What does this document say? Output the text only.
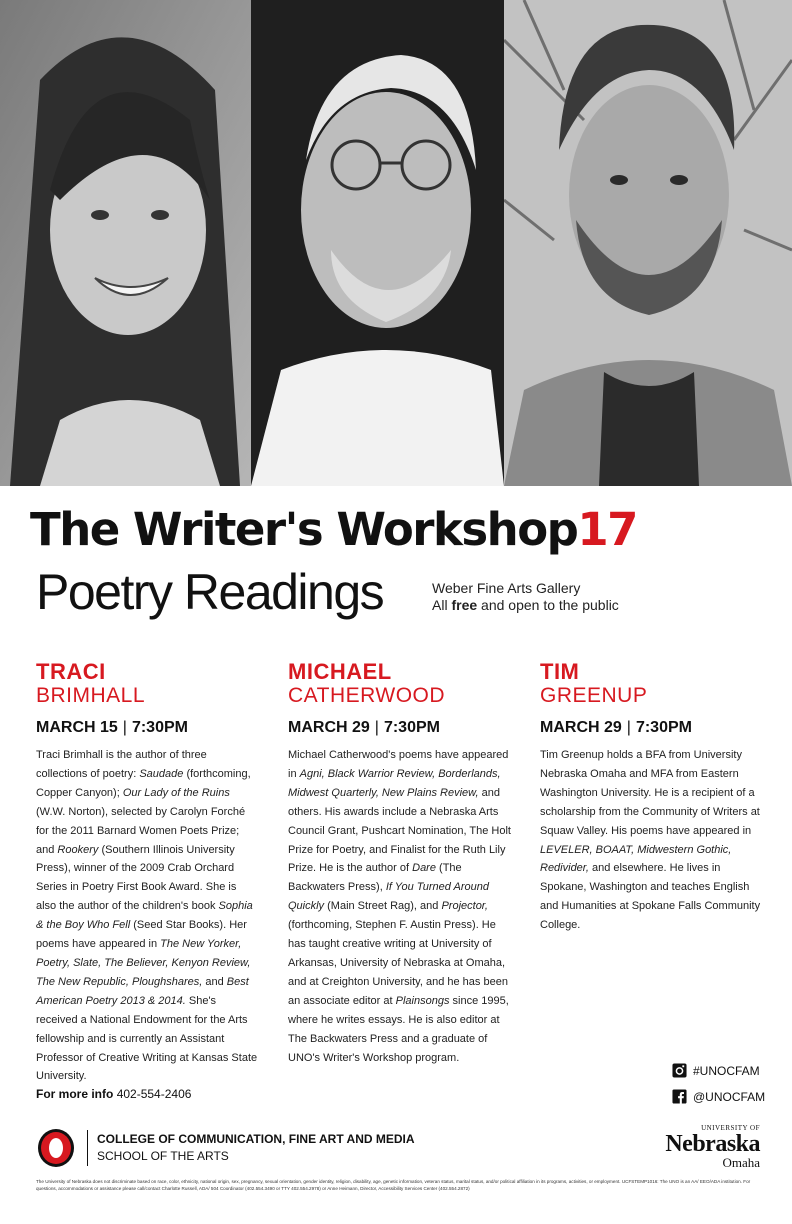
The Writer's Workshop17
Poetry Readings	Weber Fine Arts Gallery
All free and open to the public
TRACI
BRIMHALL
MARCH 15 | 7:30PM
Traci Brimhall is the author of three collections of poetry: Saudade (forthcoming, Copper Canyon); Our Lady of the Ruins (W.W. Norton), selected by Carolyn Forché for the 2011 Barnard Women Poets Prize; and Rookery (Southern Illinois University Press), winner of the 2009 Crab Orchard Series in Poetry First Book Award. She is also the author of the children's book Sophia & the Boy Who Fell (Seed Star Books). Her poems have appeared in The New Yorker, Poetry, Slate, The Believer, Kenyon Review, The New Republic, Ploughshares, and Best American Poetry 2013 & 2014. She's received a National Endowment for the Arts fellowship and is currently an Assistant Professor of Creative Writing at Kansas State University.
MICHAEL
CATHERWOOD
MARCH 29 | 7:30PM
Michael Catherwood's poems have appeared in Agni, Black Warrior Review, Borderlands, Midwest Quarterly, New Plains Review, and others. His awards include a Nebraska Arts Council Grant, Pushcart Nomination, The Holt Prize for Poetry, and Finalist for the Ruth Lily Prize. He is the author of Dare (The Backwaters Press), If You Turned Around Quickly (Main Street Rag), and Projector, (forthcoming, Stephen F. Austin Press). He has taught creative writing at University of Arkansas, University of Nebraska at Omaha, and at Creighton University, and he has been an associate editor at Plainsongs since 1995, where he writes essays. He is also editor at The Backwaters Press and a graduate of UNO's Writer's Workshop program.
TIM
GREENUP
MARCH 29 | 7:30PM
Tim Greenup holds a BFA from University Nebraska Omaha and MFA from Eastern Washington University. He is a recipient of a scholarship from the Community of Writers at Squaw Valley. His poems have appeared in LEVELER, BOAAT, Midwestern Gothic, Redivider, and elsewhere. He lives in Spokane, Washington and teaches English and Humanities at Spokane Falls Community College.
For more info 402-554-2406
#UNOCFAM
@UNOCFAM
COLLEGE OF COMMUNICATION, FINE ART AND MEDIA
SCHOOL OF THE ARTS
UNIVERSITY OF
Nebraska
Omaha
The University of Nebraska does not discriminate based on race, color, ethnicity, national origin, sex, pregnancy, sexual orientation, gender identity, religion, disability, age, genetic information, veteran status, marital status, and/or political affiliation in its programs, activities, or employment. UCFSTEMP1016: The UNO is an AA/ EEO/ADA institution. For questions, accommodations or assistance please call/contact Charlotte Russell, ADA/ 504 Coordinator (402.554.3490 or TTY 402.554.2978) or Anne Heimann, Director, Accessibility Services Center (402.554.2872)
